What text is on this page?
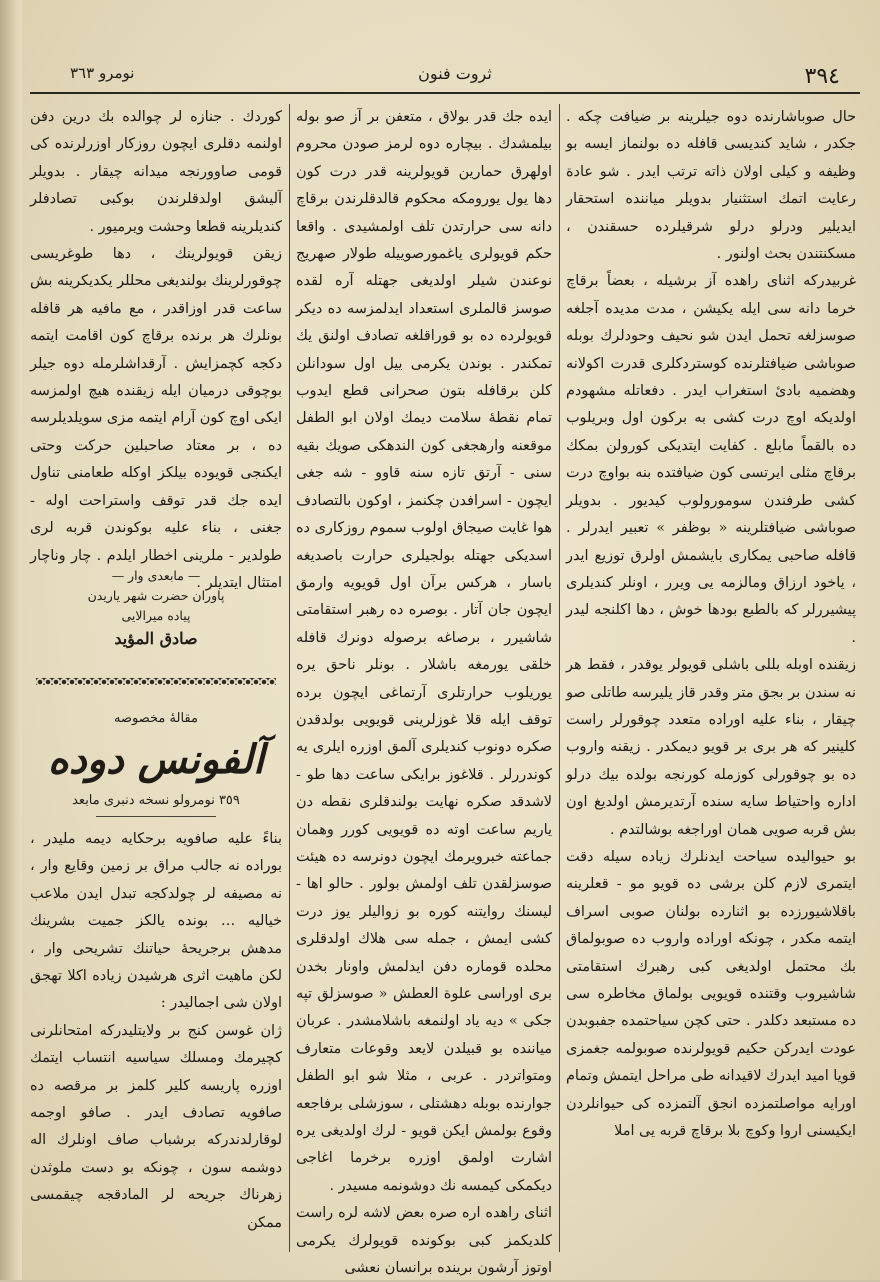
٣٩٤
ثروت فنون
نومرو ٣٦٣

حال صوباشارنده دوه جیلرینه بر ضیافت چکه . جکدر ، شاید کندیسی قافله ده بولنماز ایسه بو وظیفه و کیلی اولان ذاته ترتب ایدر . شو عادة رعایت اتمك استثنیار بدویلر میاننده استحقار ایدیلیر ودرلو درلو شرقیلرده حسقندن ، مسکنتندن بحث اولنور .

غربیدرکه اثنای راهده آز برشیله ، بعضاً برقاچ خرما دانه سی ایله یکیشن ، مدت مدیده آجلغه صوسزلغه تحمل ایدن شو نحیف وحودلرك بوبله صوباشی ضیافتلرنده کوستردکلری قدرت اکولانه وهضمیه بادئ استغراب ایدر . دفعاتله مشهودم اولدیکه اوچ درت کشی به برکون اول وبریلوب ده بالقماً مابلع . کفایت ایتدیکی کورولن بمکك برقاچ مثلی ایرتسی کون ضیافتده بنه بواوچ درت کشی طرفندن سومورولوب کیدیور . بدویلر صوباشی ضیافتلرینه « بوظفر » تعبیر ایدرلر . قافله صاحبی یمکاری بایشمش اولرق توزیع ایدر ، یاخود ارزاق ومالزمه یی ویرر ، اونلر کندیلری پیشیررلر که بالطبع بودها خوش ، دها اکلنجه لیدر .

زیقنده اوبله بللی باشلی قویولر یوقدر ، فقط هر نه سندن بر بجق متر وقدر قاز یلیرسه طاتلی صو چیقار ، بناء علیه اوراده متعدد چوقورلر راست کلینیر که هر بری بر قویو دیمکدر . زیقنه واروب ده بو چوقورلی کوزمله کورنجه بولده بیك درلو اداره واحتیاط سایه سنده آرتدیرمش اولدیغ اون بش قربه صویی همان اوراجغه بوشالتدم .

بو حیوالیده سیاحت ایدنلرك زیاده سیله دقت ایتمری لازم کلن برشی ده قویو مو - قعلرینه باقلاشیورزده بو اثنارده بولنان صوبی اسراف ایتمه مکدر ، چونکه اوراده واروب ده صوبولماق بك محتمل اولدیغی کبی رهبرك استقامتی شاشیروب وقتنده قویویی بولماق مخاطره سی ده مستبعد دکلدر . حتی کچن سیاحتمده جفبوبدن عودت ایدرکن حکیم قویولرنده صوبولمه جغمزی قویا امید ایدرك لاقیدانه طی مراحل ایتمش وتمام اورایه مواصلتمزده انجق آلتمزده کی حیوانلردن ایکیسنی اروا وکوچ بلا برقاچ قربه یی املا

ایده جك قدر بولاق ، متعفن بر آز صو بوله بیلمشدك . بیچاره دوه لرمز صودن محروم اولهرق حمارین قویولرینه قدر درت کون دها یول یورومکه محکوم قالدقلرندن برقاچ دانه سی حرارتدن تلف اولمشیدی . واقعا حکم قویولری یاغمورصوییله طولار صهریج نوعندن شیلر اولدیغی جهتله آره لقده صوسز قالملری استعداد ایدلمزسه ده دیکر قویولرده ده بو قوراقلغه تصادف اولنق یك تمکندر . بوندن یکرمی ییل اول سودانلن کلن برقافله بتون صحرانی قطع ایدوب تمام نقطهٔ سلامت دیمك اولان ابو الطفل موقعنه وارهجغی کون الندهکی صویك بقیه سنی - آرتق تازه سنه قاوو - شه جغی ایچون - اسرافدن چکنمز ، اوکون بالتصادف هوا غایت صیجاق اولوب سموم روزکاری ده اسدیکی جهتله بولجیلری حرارت باصدیغه باسار ، هرکس برآن اول قویویه وارمق ایچون جان آتار . بوصره ده رهبر استقامتی شاشیرر ، برصاغه برصوله دونرك قافله خلقی یورمغه باشلار . بونلر ناحق یره یوریلوب حرارتلری آرتماغی ایچون برده توقف ایله قلا غوزلرینی قویویی بولدقدن صکره دونوب کندیلری آلمق اوزره ایلری یه کوندررلر . قلاغوز برایکی ساعت دها طو - لاشدقد صکره نهایت بولندقلری نقطه دن یاریم ساعت اوته ده قویویی کورر وهمان جماعته خبرویرمك ایچون دونرسه ده هیئت صوسزلقدن تلف اولمش بولور . حالو اها - لیسنك روایتنه کوره بو زوالیلر یوز درت کشی ایمش ، جمله سی هلاك اولدقلری محلده قوماره دفن ایدلمش واونار بخدن بری اوراسی علوة العطش « صوسزلق تپه جکی » دیه یاد اولنمغه باشلامشدر . عربان میاننده بو قبیلدن لایعد وقوعات متعارف ومتواتردر . عربی ، مثلا شو ابو الطفل جوارنده بوبله دهشتلی ، سوزشلی برفاجعه وقوع بولمش ایکن قویو - لرك اولدیغی یره اشارت اولمق اوزره برخرما اغاجی دیکمکی کیمسه نك دوشونمه مسیدر .

اثنای راهده اره صره بعض لاشه لره راست کلدیکمز کبی بوکونده قویولرك یکرمی اوتوز آرشون برینده برانسان نعشی

کوردك . جنازه لر چوالده بك درین دفن اولنمه دقلری ایچون روزکار اوزرلرنده کی قومی صاوورنجه میدانه چیقار . بدویلر آلیشق اولدقلرندن بوکبی تصادفلر کندیلرینه قطعا وحشت ویرمیور .

زیقن قویولرینك ، دها طوغریسی چوقورلرینك بولندیغی محللر یکدیکرینه بش ساعت قدر اوزاقدر ، مع مافیه هر قافله بونلرك هر برنده برقاچ کون اقامت ایتمه دکجه کچمزایش . آرقداشلرمله دوه جیلر بوچوقی درمیان ایله زیقنده هیچ اولمزسه ایکی اوچ کون آرام ایتمه مزی سویلدیلرسه ده ، بر معتاد صاحبلین حرکت وحتی ایکنجی قویوده بیلکز اوکله طعامنی تناول ایده جك قدر توقف واستراحت اوله - جغنی ، بناء علیه بوکوندن قربه لری طولدیر - ملرینی اخطار ایلدم . چار وناچار امتثال ایتدیلر .

— مابعدی وار —
پاوران حضرت شهر یاریدن
پیاده میرالایی
صادق المؤید
مقالهٔ مخصوصه
آلفونس دوده
٣٥٩ نومرولو نسخه دنبری مابعد

بناءً علیه صافویه برحکایه دیمه ملیدر ، بوراده نه جالب مراق بر زمین وقایع وار ، نه مصیفه لر چولدکجه تبدل ایدن ملاعب خیالیه … بونده یالکز جمیت بشرینك مدهش برجریحهٔ حیاتنك تشریحی وار ، لکن ماهیت اثری هرشیدن زیاده اکلا تهجق اولان شی اجمالیدر :

ژان غوسن کنج بر ولایتلیدرکه امتحانلرنی کچیرمك ومسلك سیاسیه انتساب ایتمك اوزره پاریسه کلیر کلمز بر مرقصه ده صافویه تصادف ایدر . صافو اوجمه لوقارلدندرکه برشباب صاف اونلرك اله دوشمه سون ، چونکه بو دست ملوثدن زهرناك جریحه لر المادقجه چیقمسی ممکن
